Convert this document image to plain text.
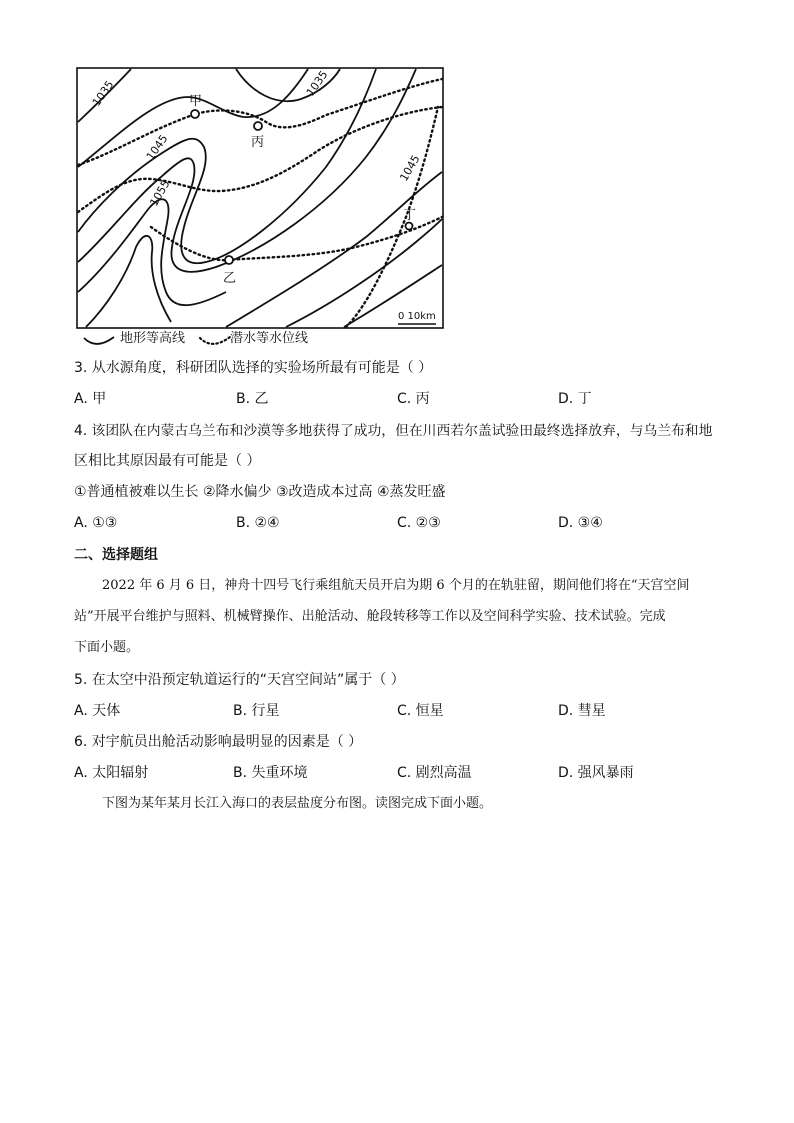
1035	1035
1045
1055
1045
甲
丙
乙
丁
0 10km
地形等高线	潜水等水位线
3. 从水源角度，科研团队选择的实验场所最有可能是（ ）
A. 甲	B. 乙	C. 丙	D. 丁
4. 该团队在内蒙古乌兰布和沙漠等多地获得了成功，但在川西若尔盖试验田最终选择放弃，与乌兰布和地
区相比其原因最有可能是（ ）
①普通植被难以生长 ②降水偏少 ③改造成本过高 ④蒸发旺盛
A. ①③	B. ②④	C. ②③	D. ③④
二、选择题组
2022 年 6 月 6 日，神舟十四号飞行乘组航天员开启为期 6 个月的在轨驻留，期间他们将在“天宫空间
站”开展平台维护与照料、机械臂操作、出舱活动、舱段转移等工作以及空间科学实验、技术试验。完成
下面小题。
5. 在太空中沿预定轨道运行的“天宫空间站”属于（ ）
A. 天体	B. 行星	C. 恒星	D. 彗星
6. 对宇航员出舱活动影响最明显的因素是（ ）
A. 太阳辐射	B. 失重环境	C. 剧烈高温	D. 强风暴雨
下图为某年某月长江入海口的表层盐度分布图。读图完成下面小题。
